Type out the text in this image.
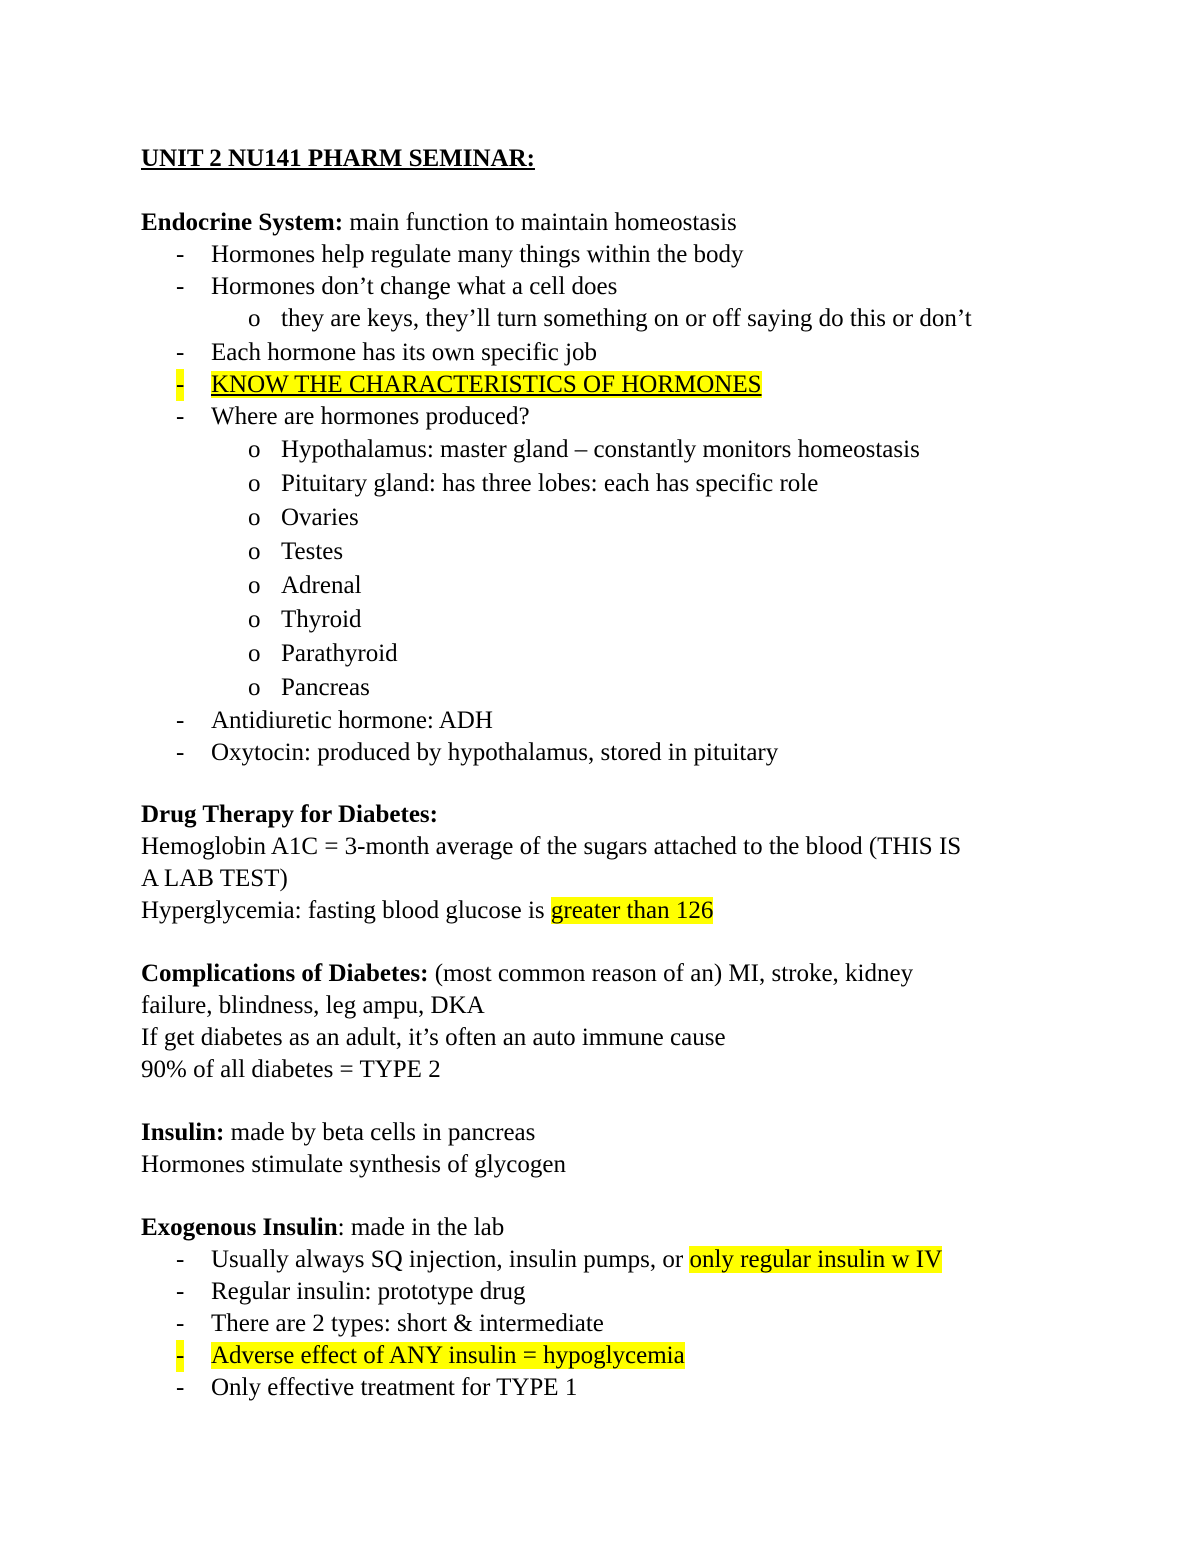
UNIT 2 NU141 PHARM SEMINAR:
Endocrine System: main function to maintain homeostasis
- Hormones help regulate many things within the body
- Hormones don’t change what a cell does
o they are keys, they’ll turn something on or off saying do this or don’t
- Each hormone has its own specific job
- KNOW THE CHARACTERISTICS OF HORMONES
- Where are hormones produced?
o Hypothalamus: master gland – constantly monitors homeostasis
o Pituitary gland: has three lobes: each has specific role
o Ovaries
o Testes
o Adrenal
o Thyroid
o Parathyroid
o Pancreas
- Antidiuretic hormone: ADH
- Oxytocin: produced by hypothalamus, stored in pituitary
Drug Therapy for Diabetes:
Hemoglobin A1C = 3-month average of the sugars attached to the blood (THIS IS
A LAB TEST)
Hyperglycemia: fasting blood glucose is greater than 126
Complications of Diabetes: (most common reason of an) MI, stroke, kidney
failure, blindness, leg ampu, DKA
If get diabetes as an adult, it’s often an auto immune cause
90% of all diabetes = TYPE 2
Insulin: made by beta cells in pancreas
Hormones stimulate synthesis of glycogen
Exogenous Insulin: made in the lab
- Usually always SQ injection, insulin pumps, or only regular insulin w IV
- Regular insulin: prototype drug
- There are 2 types: short & intermediate
- Adverse effect of ANY insulin = hypoglycemia
- Only effective treatment for TYPE 1
